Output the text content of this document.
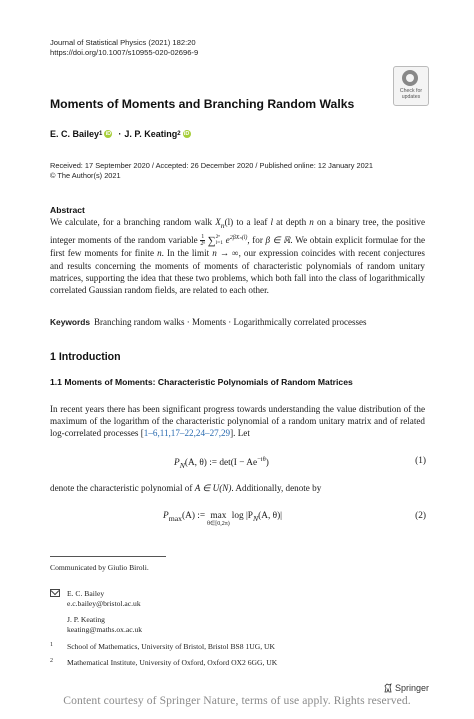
Journal of Statistical Physics (2021) 182:20
https://doi.org/10.1007/s10955-020-02696-9
Check for
updates
Moments of Moments and Branching Random Walks
E. C. Bailey 1 iD · J. P. Keating 2 iD
Received: 17 September 2020 / Accepted: 26 December 2020 / Published online: 12 January 2021
© The Author(s) 2021
Abstract
We calculate, for a branching random walk $X_n(l)$ to a leaf l at depth n on a binary tree, the positive integer moments of the random variable $\frac{1}{\text{2ⁿ}}$
∑ 2ⁿ
l=1 $e^{2\beta X_n(l)}$, for β ∈ ℝ. We obtain explicit formulae for the first few moments for finite n. In the limit n → ∞, our expression coincides with recent conjectures and results concerning the moments of moments of characteristic polynomials of random unitary matrices, supporting the idea that these two problems, which both fall into the class of logarithmically correlated Gaussian random fields, are related to each other.
Keywords Branching random walks · Moments · Logarithmically correlated processes
1 Introduction
1.1 Moments of Moments: Characteristic Polynomials of Random Matrices
In recent years there has been significant progress towards understanding the value distribution of the maximum of the logarithm of the characteristic polynomial of a random unitary matrix and of related log-correlated processes [1–6,11,17–22,24–27,29]. Let
$P_N(A$, θ) := $\det(I - Ae^{-i\theta})$	(1)
denote the characteristic polynomial of A ∈ U(N). Additionally, denote by
$P_{max}(A)$ := max
θ∈[0,2π)
$\log |P_N(A$, θ)|	(2)
Communicated by Giulio Biroli.
E. C. Bailey
e.c.bailey@bristol.ac.uk
J. P. Keating
keating@maths.ox.ac.uk
1 School of Mathematics, University of Bristol, Bristol BS8 1UG, UK
2 Mathematical Institute, University of Oxford, Oxford OX2 6GG, UK
Springer
Content courtesy of Springer Nature, terms of use apply. Rights reserved.
